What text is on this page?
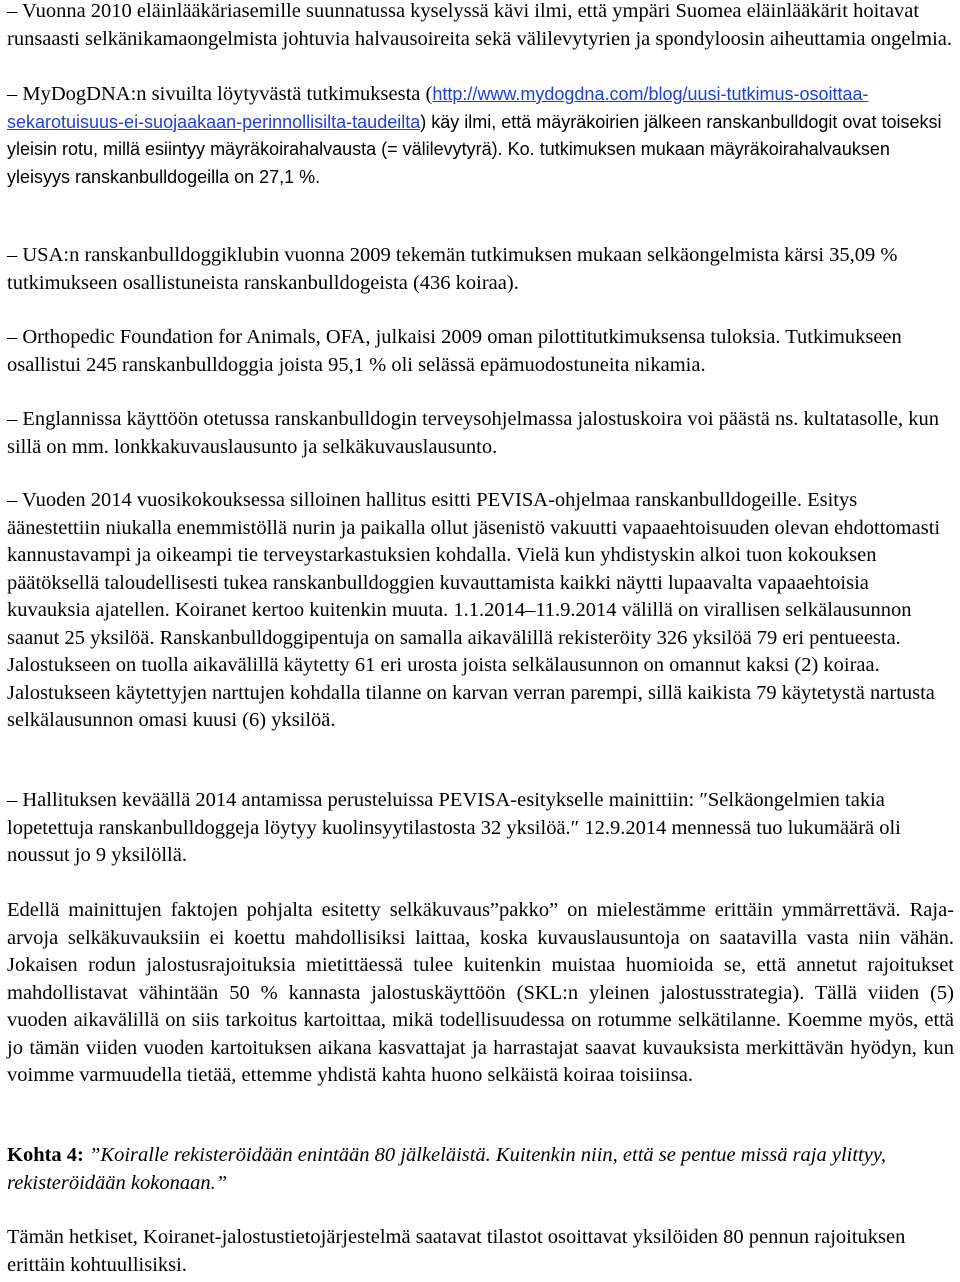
– Vuonna 2010 eläinlääkäriasemille suunnatussa kyselyssä kävi ilmi, että ympäri Suomea eläinlääkärit hoitavat runsaasti selkänikamaongelmista johtuvia halvausoireita sekä välilevytyrien ja spondyloosin aiheuttamia ongelmia.

– MyDogDNA:n sivuilta löytyvästä tutkimuksesta (http://www.mydogdna.com/blog/uusi-tutkimus-osoittaa-sekarotuisuus-ei-suojaakaan-perinnollisilta-taudeilta) käy ilmi, että mäyräkoirien jälkeen ranskanbulldogit ovat toiseksi yleisin rotu, millä esiintyy mäyräkoirahalvausta (= välilevytyrä). Ko. tutkimuksen mukaan mäyräkoirahalvauksen yleisyys ranskanbulldogeilla on 27,1 %.

– USA:n ranskanbulldoggiklubin vuonna 2009 tekemän tutkimuksen mukaan selkäongelmista kärsi 35,09 % tutkimukseen osallistuneista ranskanbulldogeista (436 koiraa).

– Orthopedic Foundation for Animals, OFA, julkaisi 2009 oman pilottitutkimuksensa tuloksia. Tutkimukseen osallistui 245 ranskanbulldoggia joista 95,1 % oli selässä epämuodostuneita nikamia.

– Englannissa käyttöön otetussa ranskanbulldogin terveysohjelmassa jalostuskoira voi päästä ns. kultatasolle, kun sillä on mm. lonkkakuvauslausunto ja selkäkuvauslausunto.

– Vuoden 2014 vuosikokouksessa silloinen hallitus esitti PEVISA-ohjelmaa ranskanbulldogeille. Esitys äänestettiin niukalla enemmistöllä nurin ja paikalla ollut jäsenistö vakuutti vapaaehtoisuuden olevan ehdottomasti kannustavampi ja oikeampi tie terveystarkastuksien kohdalla. Vielä kun yhdistyskin alkoi tuon kokouksen päätöksellä taloudellisesti tukea ranskanbulldoggien kuvauttamista kaikki näytti lupaavalta vapaaehtoisia kuvauksia ajatellen. Koiranet kertoo kuitenkin muuta. 1.1.2014–11.9.2014 välillä on virallisen selkälausunnon saanut 25 yksilöä. Ranskanbulldoggipentuja on samalla aikavälillä rekisteröity 326 yksilöä 79 eri pentueesta. Jalostukseen on tuolla aikavälillä käytetty 61 eri urosta joista selkälausunnon on omannut kaksi (2) koiraa. Jalostukseen käytettyjen narttujen kohdalla tilanne on karvan verran parempi, sillä kaikista 79 käytetystä nartusta selkälausunnon omasi kuusi (6) yksilöä.

– Hallituksen keväällä 2014 antamissa perusteluissa PEVISA-esitykselle mainittiin: ″Selkäongelmien takia lopetettuja ranskanbulldoggeja löytyy kuolinsyytilastosta 32 yksilöä.″ 12.9.2014 mennessä tuo lukumäärä oli noussut jo 9 yksilöllä.

Edellä mainittujen faktojen pohjalta esitetty selkäkuvaus”pakko” on mielestämme erittäin ymmärrettävä. Raja-arvoja selkäkuvauksiin ei koettu mahdollisiksi laittaa, koska kuvauslausuntoja on saatavilla vasta niin vähän. Jokaisen rodun jalostusrajoituksia mietittäessä tulee kuitenkin muistaa huomioida se, että annetut rajoitukset mahdollistavat vähintään 50 % kannasta jalostuskäyttöön (SKL:n yleinen jalostusstrategia). Tällä viiden (5) vuoden aikavälillä on siis tarkoitus kartoittaa, mikä todellisuudessa on rotumme selkätilanne. Koemme myös, että jo tämän viiden vuoden kartoituksen aikana kasvattajat ja harrastajat saavat kuvauksista merkittävän hyödyn, kun voimme varmuudella tietää, ettemme yhdistä kahta huono selkäistä koiraa toisiinsa.

Kohta 4: ”Koiralle rekisteröidään enintään 80 jälkeläistä. Kuitenkin niin, että se pentue missä raja ylittyy, rekisteröidään kokonaan.”

Tämän hetkiset, Koiranet-jalostustietojärjestelmä saatavat tilastot osoittavat yksilöiden 80 pennun rajoituksen erittäin kohtuullisiksi.
